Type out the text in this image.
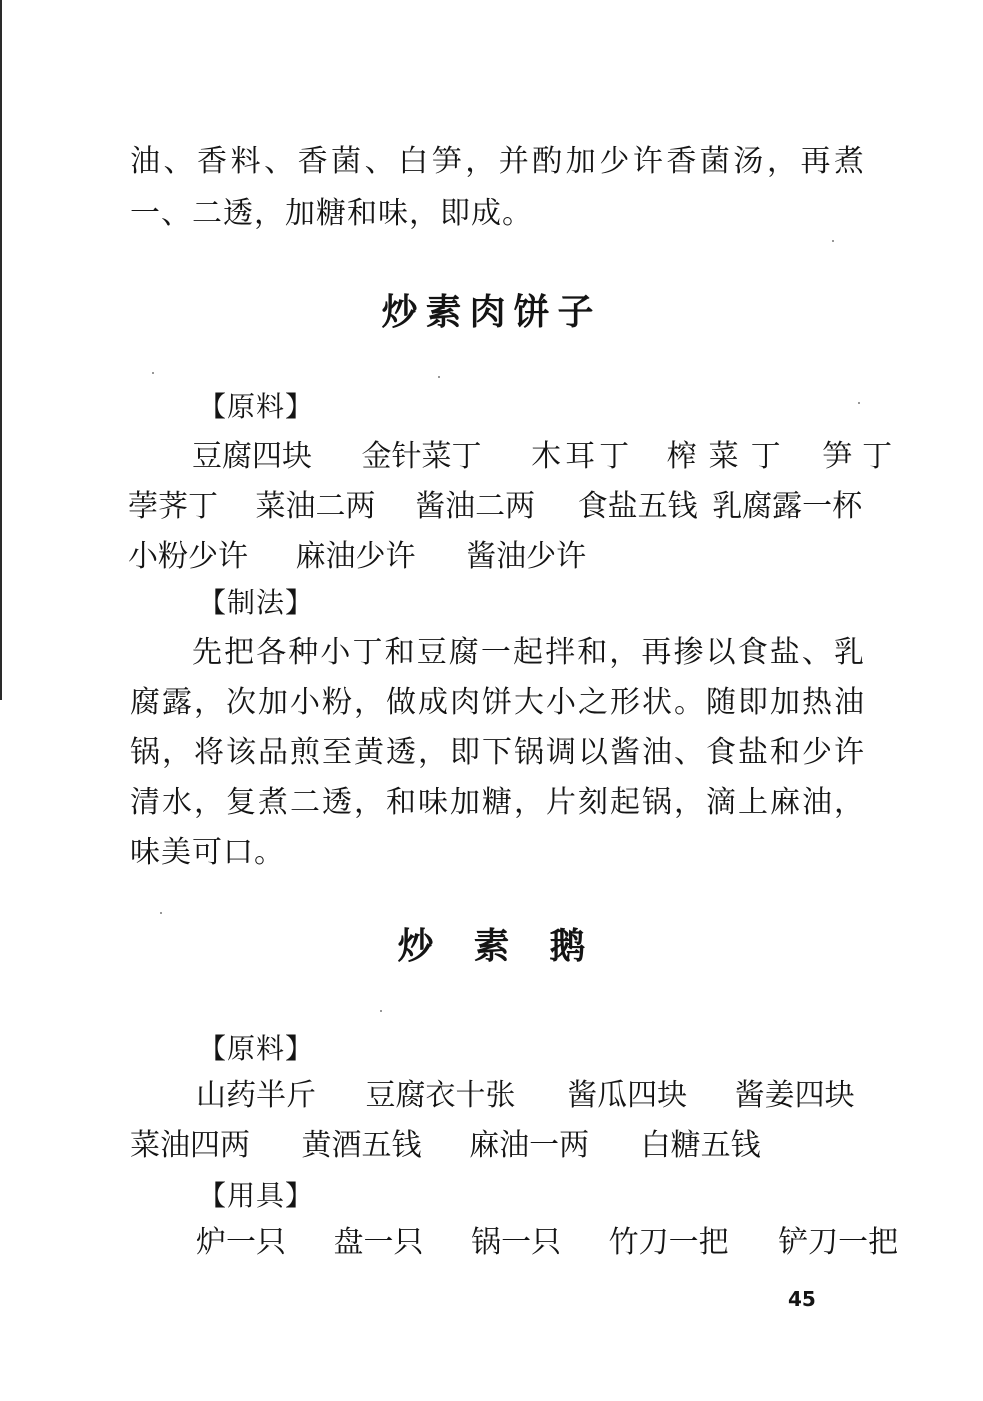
油、香料、香菌、白笋，并酌加少许香菌汤，再煮
一、二透，加糖和味，即成。
炒素肉饼子
【原料】
豆腐四块 金针菜丁 木耳丁 榨菜丁 笋丁
荸荠丁 菜油二两 酱油二两 食盐五钱 乳腐露一杯
小粉少许 麻油少许 酱油少许
【制法】
先把各种小丁和豆腐一起拌和，再掺以食盐、乳
腐露，次加小粉，做成肉饼大小之形状。随即加热油
锅，将该品煎至黄透，即下锅调以酱油、食盐和少许
清水，复煮二透，和味加糖，片刻起锅，滴上麻油，
味美可口。
炒素鹅
【原料】
山药半斤 豆腐衣十张 酱瓜四块 酱姜四块
菜油四两 黄酒五钱 麻油一两 白糖五钱
【用具】
炉一只 盘一只 锅一只 竹刀一把 铲刀一把
45
